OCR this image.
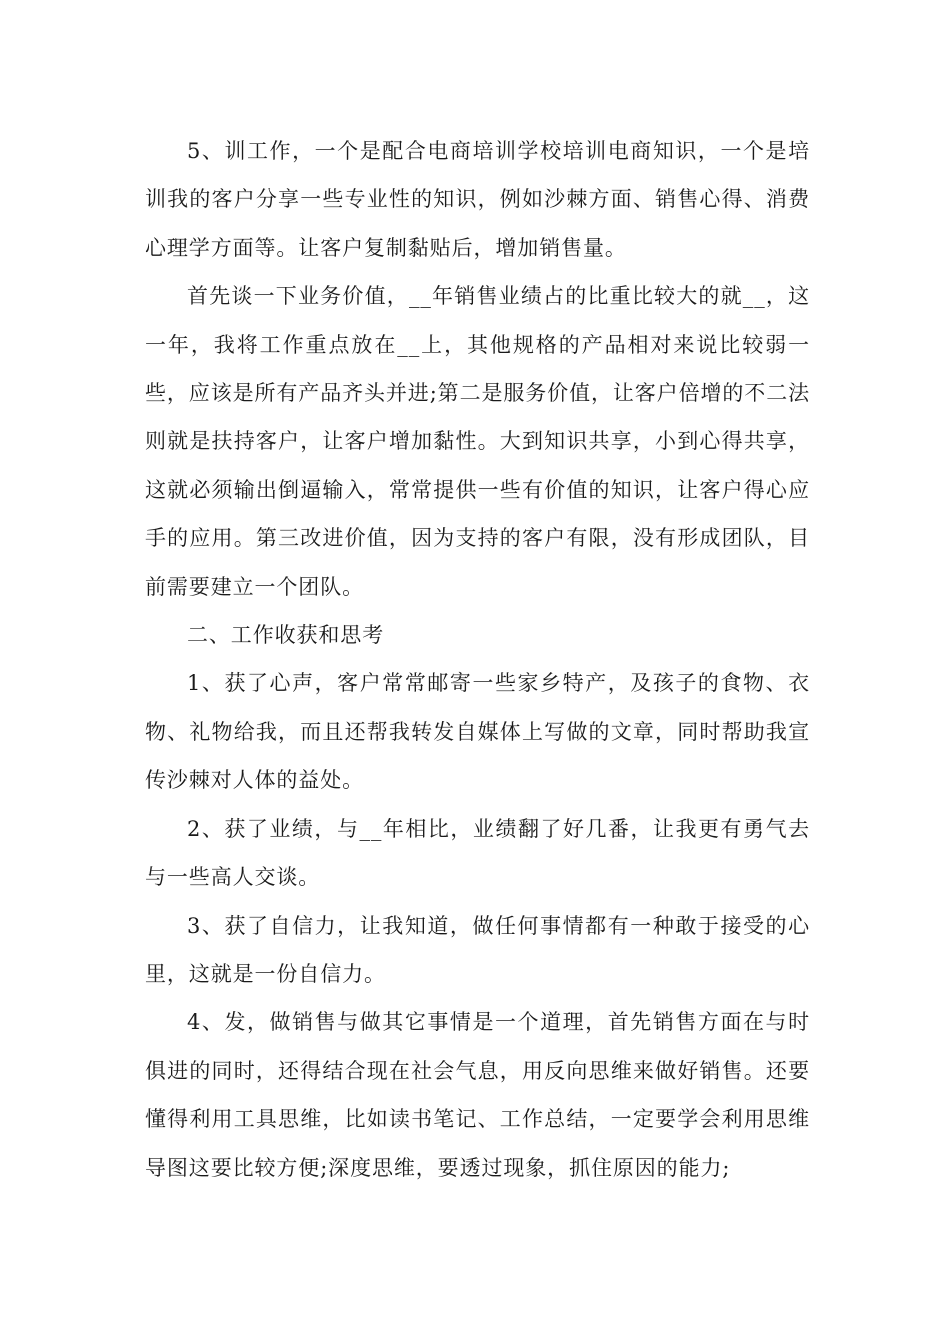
5、训工作，一个是配合电商培训学校培训电商知识，一个是培训我的客户分享一些专业性的知识，例如沙棘方面、销售心得、消费心理学方面等。让客户复制黏贴后，增加销售量。

首先谈一下业务价值，__年销售业绩占的比重比较大的就__，这一年，我将工作重点放在__上，其他规格的产品相对来说比较弱一些，应该是所有产品齐头并进;第二是服务价值，让客户倍增的不二法则就是扶持客户，让客户增加黏性。大到知识共享，小到心得共享，这就必须输出倒逼输入，常常提供一些有价值的知识，让客户得心应手的应用。第三改进价值，因为支持的客户有限，没有形成团队，目前需要建立一个团队。

二、工作收获和思考

1、获了心声，客户常常邮寄一些家乡特产，及孩子的食物、衣物、礼物给我，而且还帮我转发自媒体上写做的文章，同时帮助我宣传沙棘对人体的益处。

2、获了业绩，与__年相比，业绩翻了好几番，让我更有勇气去与一些高人交谈。

3、获了自信力，让我知道，做任何事情都有一种敢于接受的心里，这就是一份自信力。

4、发，做销售与做其它事情是一个道理，首先销售方面在与时俱进的同时，还得结合现在社会气息，用反向思维来做好销售。还要懂得利用工具思维，比如读书笔记、工作总结，一定要学会利用思维导图这要比较方便;深度思维，要透过现象，抓住原因的能力;
